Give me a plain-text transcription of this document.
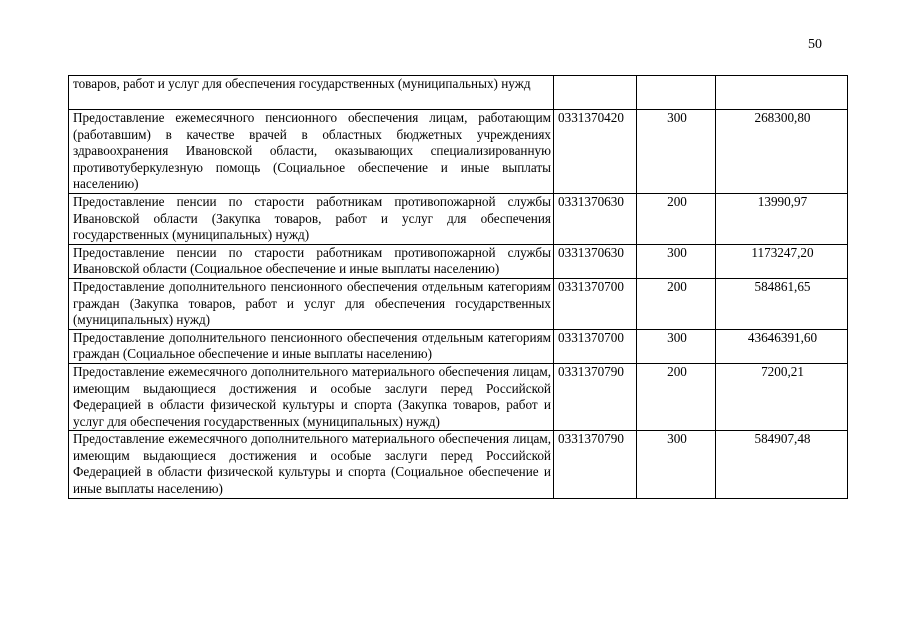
50
товаров, работ и услуг для обеспечения государственных (муниципальных) нужд			
Предоставление ежемесячного пенсионного обеспечения лицам, работающим (работавшим) в качестве врачей в областных бюджетных учреждениях здравоохранения Ивановской области, оказывающих специализированную противотуберкулезную помощь (Социальное обеспечение и иные выплаты населению)	0331370420	300	268300,80
Предоставление пенсии по старости работникам противопожарной службы Ивановской области (Закупка товаров, работ и услуг для обеспечения государственных (муниципальных) нужд)	0331370630	200	13990,97
Предоставление пенсии по старости работникам противопожарной службы Ивановской области (Социальное обеспечение и иные выплаты населению)	0331370630	300	1173247,20
Предоставление дополнительного пенсионного обеспечения отдельным категориям граждан (Закупка товаров, работ и услуг для обеспечения государственных (муниципальных) нужд)	0331370700	200	584861,65
Предоставление дополнительного пенсионного обеспечения отдельным категориям граждан (Социальное обеспечение и иные выплаты населению)	0331370700	300	43646391,60
Предоставление ежемесячного дополнительного материального обеспечения лицам, имеющим выдающиеся достижения и особые заслуги перед Российской Федерацией в области физической культуры и спорта (Закупка товаров, работ и услуг для обеспечения государственных (муниципальных) нужд)	0331370790	200	7200,21
Предоставление ежемесячного дополнительного материального обеспечения лицам, имеющим выдающиеся достижения и особые заслуги перед Российской Федерацией в области физической культуры и спорта (Социальное обеспечение и иные выплаты населению)	0331370790	300	584907,48
